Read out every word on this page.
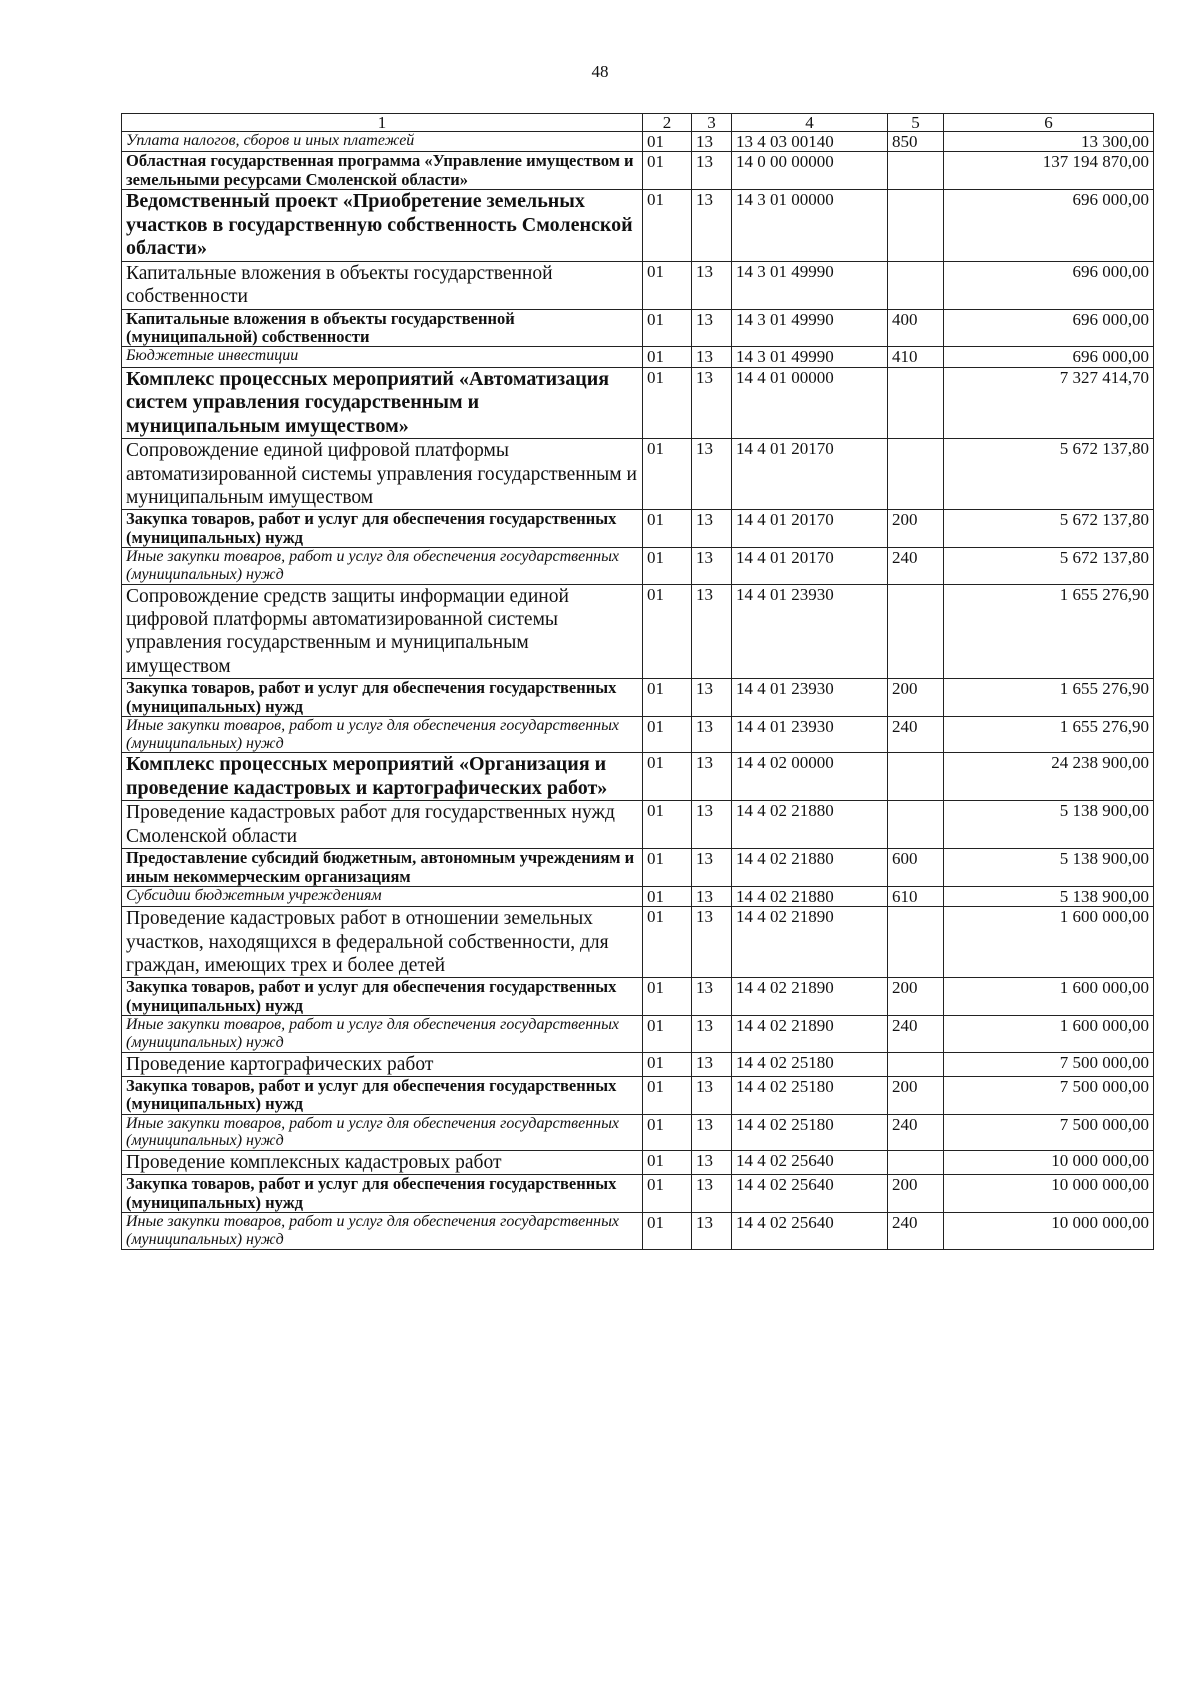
48
1	2	3	4	5	6
Уплата налогов, сборов и иных платежей	01	13	13 4 03 00140	850	13 300,00
Областная государственная программа «Управление имуществом и земельными ресурсами Смоленской области»	01	13	14 0 00 00000		137 194 870,00
Ведомственный проект «Приобретение земельных участков в государственную собственность Смоленской области»	01	13	14 3 01 00000		696 000,00
Капитальные вложения в объекты государственной собственности	01	13	14 3 01 49990		696 000,00
Капитальные вложения в объекты государственной (муниципальной) собственности	01	13	14 3 01 49990	400	696 000,00
Бюджетные инвестиции	01	13	14 3 01 49990	410	696 000,00
Комплекс процессных мероприятий «Автоматизация систем управления государственным и муниципальным имуществом»	01	13	14 4 01 00000		7 327 414,70
Сопровождение единой цифровой платформы автоматизированной системы управления государственным и муниципальным имуществом	01	13	14 4 01 20170		5 672 137,80
Закупка товаров, работ и услуг для обеспечения государственных (муниципальных) нужд	01	13	14 4 01 20170	200	5 672 137,80
Иные закупки товаров, работ и услуг для обеспечения государственных (муниципальных) нужд	01	13	14 4 01 20170	240	5 672 137,80
Сопровождение средств защиты информации единой цифровой платформы автоматизированной системы управления государственным и муниципальным имуществом	01	13	14 4 01 23930		1 655 276,90
Закупка товаров, работ и услуг для обеспечения государственных (муниципальных) нужд	01	13	14 4 01 23930	200	1 655 276,90
Иные закупки товаров, работ и услуг для обеспечения государственных (муниципальных) нужд	01	13	14 4 01 23930	240	1 655 276,90
Комплекс процессных мероприятий «Организация и проведение кадастровых и картографических работ»	01	13	14 4 02 00000		24 238 900,00
Проведение кадастровых работ для государственных нужд Смоленской области	01	13	14 4 02 21880		5 138 900,00
Предоставление субсидий бюджетным, автономным учреждениям и иным некоммерческим организациям	01	13	14 4 02 21880	600	5 138 900,00
Субсидии бюджетным учреждениям	01	13	14 4 02 21880	610	5 138 900,00
Проведение кадастровых работ в отношении земельных участков, находящихся в федеральной собственности, для граждан, имеющих трех и более детей	01	13	14 4 02 21890		1 600 000,00
Закупка товаров, работ и услуг для обеспечения государственных (муниципальных) нужд	01	13	14 4 02 21890	200	1 600 000,00
Иные закупки товаров, работ и услуг для обеспечения государственных (муниципальных) нужд	01	13	14 4 02 21890	240	1 600 000,00
Проведение картографических работ	01	13	14 4 02 25180		7 500 000,00
Закупка товаров, работ и услуг для обеспечения государственных (муниципальных) нужд	01	13	14 4 02 25180	200	7 500 000,00
Иные закупки товаров, работ и услуг для обеспечения государственных (муниципальных) нужд	01	13	14 4 02 25180	240	7 500 000,00
Проведение комплексных кадастровых работ	01	13	14 4 02 25640		10 000 000,00
Закупка товаров, работ и услуг для обеспечения государственных (муниципальных) нужд	01	13	14 4 02 25640	200	10 000 000,00
Иные закупки товаров, работ и услуг для обеспечения государственных (муниципальных) нужд	01	13	14 4 02 25640	240	10 000 000,00
